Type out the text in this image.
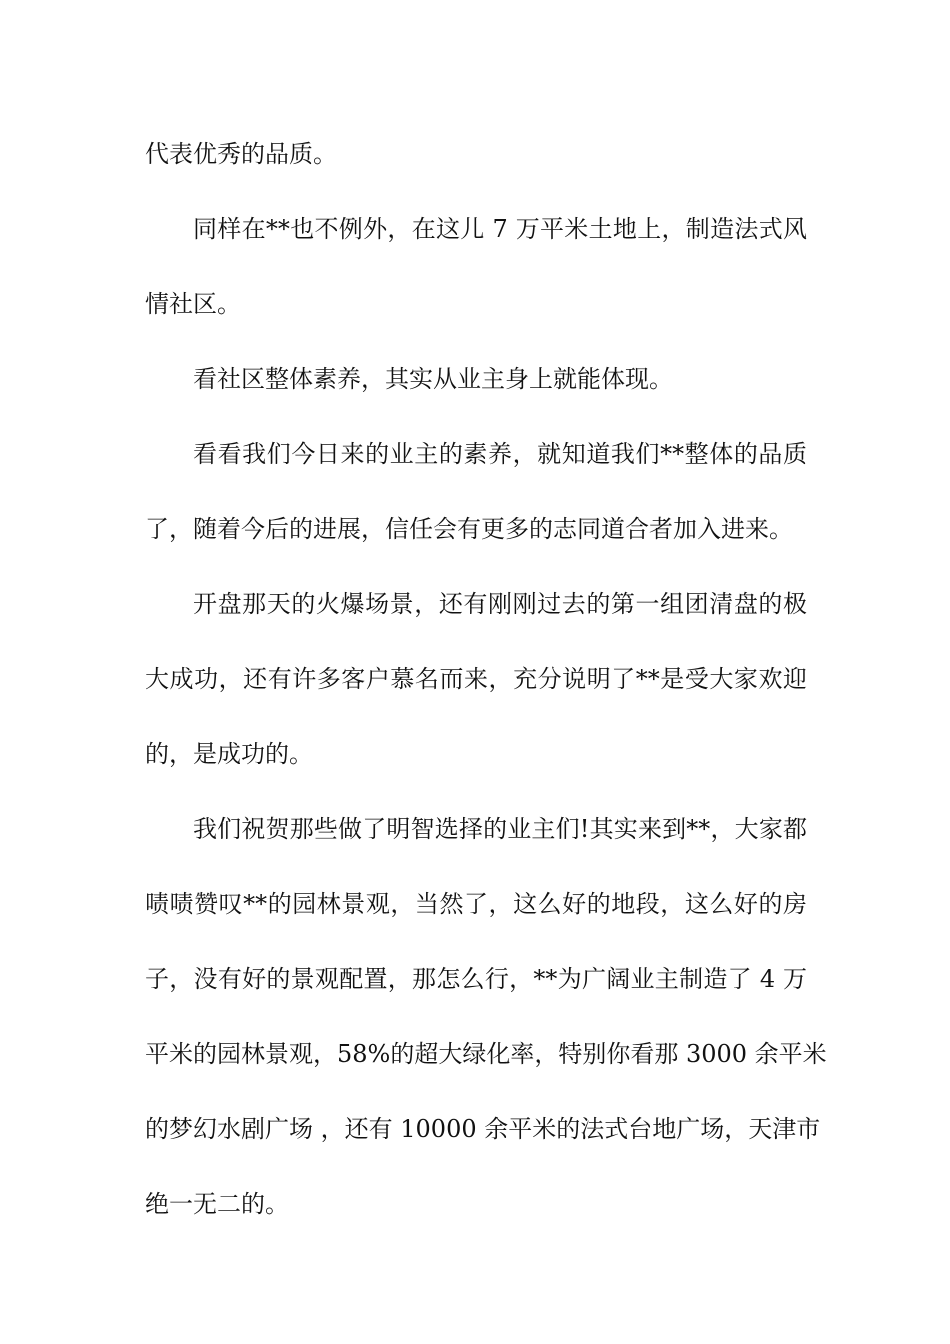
代表优秀的品质。
同样在**也不例外，在这儿 7 万平米土地上，制造法式风
情社区。
看社区整体素养，其实从业主身上就能体现。
看看我们今日来的业主的素养，就知道我们**整体的品质
了，随着今后的进展，信任会有更多的志同道合者加入进来。
开盘那天的火爆场景，还有刚刚过去的第一组团清盘的极
大成功，还有许多客户慕名而来，充分说明了**是受大家欢迎
的，是成功的。
我们祝贺那些做了明智选择的业主们!其实来到**，大家都
啧啧赞叹**的园林景观，当然了，这么好的地段，这么好的房
子，没有好的景观配置，那怎么行，**为广阔业主制造了 4 万
平米的园林景观，58%的超大绿化率，特别你看那 3000 余平米
的梦幻水剧广场 ，还有 10000 余平米的法式台地广场，天津市
绝一无二的。
